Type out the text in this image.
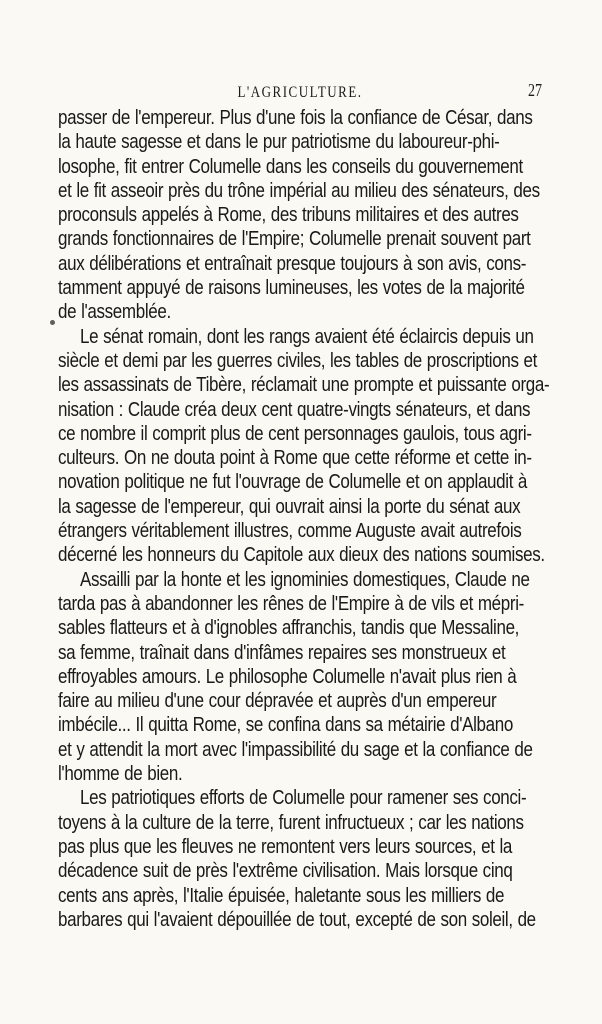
L'AGRICULTURE.	27
passer de l'empereur. Plus d'une fois la confiance de César, dans
la haute sagesse et dans le pur patriotisme du laboureur-phi-
losophe, fit entrer Columelle dans les conseils du gouvernement
et le fit asseoir près du trône impérial au milieu des sénateurs, des
proconsuls appelés à Rome, des tribuns militaires et des autres
grands fonctionnaires de l'Empire; Columelle prenait souvent part
aux délibérations et entraînait presque toujours à son avis, cons-
tamment appuyé de raisons lumineuses, les votes de la majorité
de l'assemblée.
Le sénat romain, dont les rangs avaient été éclaircis depuis un
siècle et demi par les guerres civiles, les tables de proscriptions et
les assassinats de Tibère, réclamait une prompte et puissante orga-
nisation : Claude créa deux cent quatre-vingts sénateurs, et dans
ce nombre il comprit plus de cent personnages gaulois, tous agri-
culteurs. On ne douta point à Rome que cette réforme et cette in-
novation politique ne fut l'ouvrage de Columelle et on applaudit à
la sagesse de l'empereur, qui ouvrait ainsi la porte du sénat aux
étrangers véritablement illustres, comme Auguste avait autrefois
décerné les honneurs du Capitole aux dieux des nations soumises.
Assailli par la honte et les ignominies domestiques, Claude ne
tarda pas à abandonner les rênes de l'Empire à de vils et mépri-
sables flatteurs et à d'ignobles affranchis, tandis que Messaline,
sa femme, traînait dans d'infâmes repaires ses monstrueux et
effroyables amours. Le philosophe Columelle n'avait plus rien à
faire au milieu d'une cour dépravée et auprès d'un empereur
imbécile... Il quitta Rome, se confina dans sa métairie d'Albano
et y attendit la mort avec l'impassibilité du sage et la confiance de
l'homme de bien.
Les patriotiques efforts de Columelle pour ramener ses conci-
toyens à la culture de la terre, furent infructueux ; car les nations
pas plus que les fleuves ne remontent vers leurs sources, et la
décadence suit de près l'extrême civilisation. Mais lorsque cinq
cents ans après, l'Italie épuisée, haletante sous les milliers de
barbares qui l'avaient dépouillée de tout, excepté de son soleil, de
